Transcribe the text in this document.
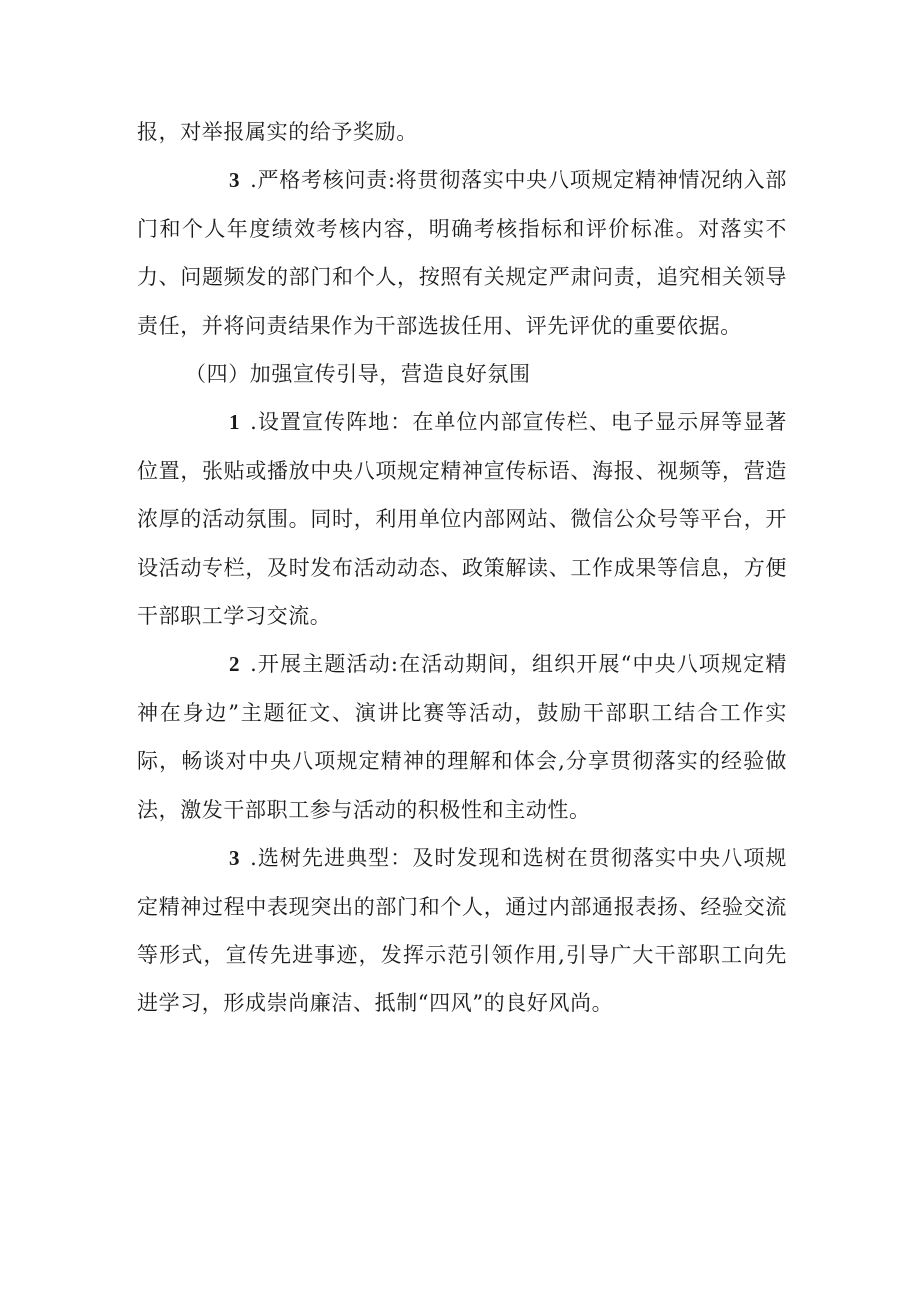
报，对举报属实的给予奖励。

3 .严格考核问责:将贯彻落实中央八项规定精神情况纳入部门和个人年度绩效考核内容，明确考核指标和评价标准。对落实不力、问题频发的部门和个人，按照有关规定严肃问责，追究相关领导责任，并将问责结果作为干部选拔任用、评先评优的重要依据。

（四）加强宣传引导，营造良好氛围

1 .设置宣传阵地：在单位内部宣传栏、电子显示屏等显著位置，张贴或播放中央八项规定精神宣传标语、海报、视频等，营造浓厚的活动氛围。同时，利用单位内部网站、微信公众号等平台，开设活动专栏，及时发布活动动态、政策解读、工作成果等信息，方便干部职工学习交流。

2 .开展主题活动:在活动期间，组织开展“中央八项规定精神在身边”主题征文、演讲比赛等活动，鼓励干部职工结合工作实际，畅谈对中央八项规定精神的理解和体会,分享贯彻落实的经验做法，激发干部职工参与活动的积极性和主动性。

3 .选树先进典型：及时发现和选树在贯彻落实中央八项规定精神过程中表现突出的部门和个人，通过内部通报表扬、经验交流等形式，宣传先进事迹，发挥示范引领作用,引导广大干部职工向先进学习，形成崇尚廉洁、抵制“四风”的良好风尚。
